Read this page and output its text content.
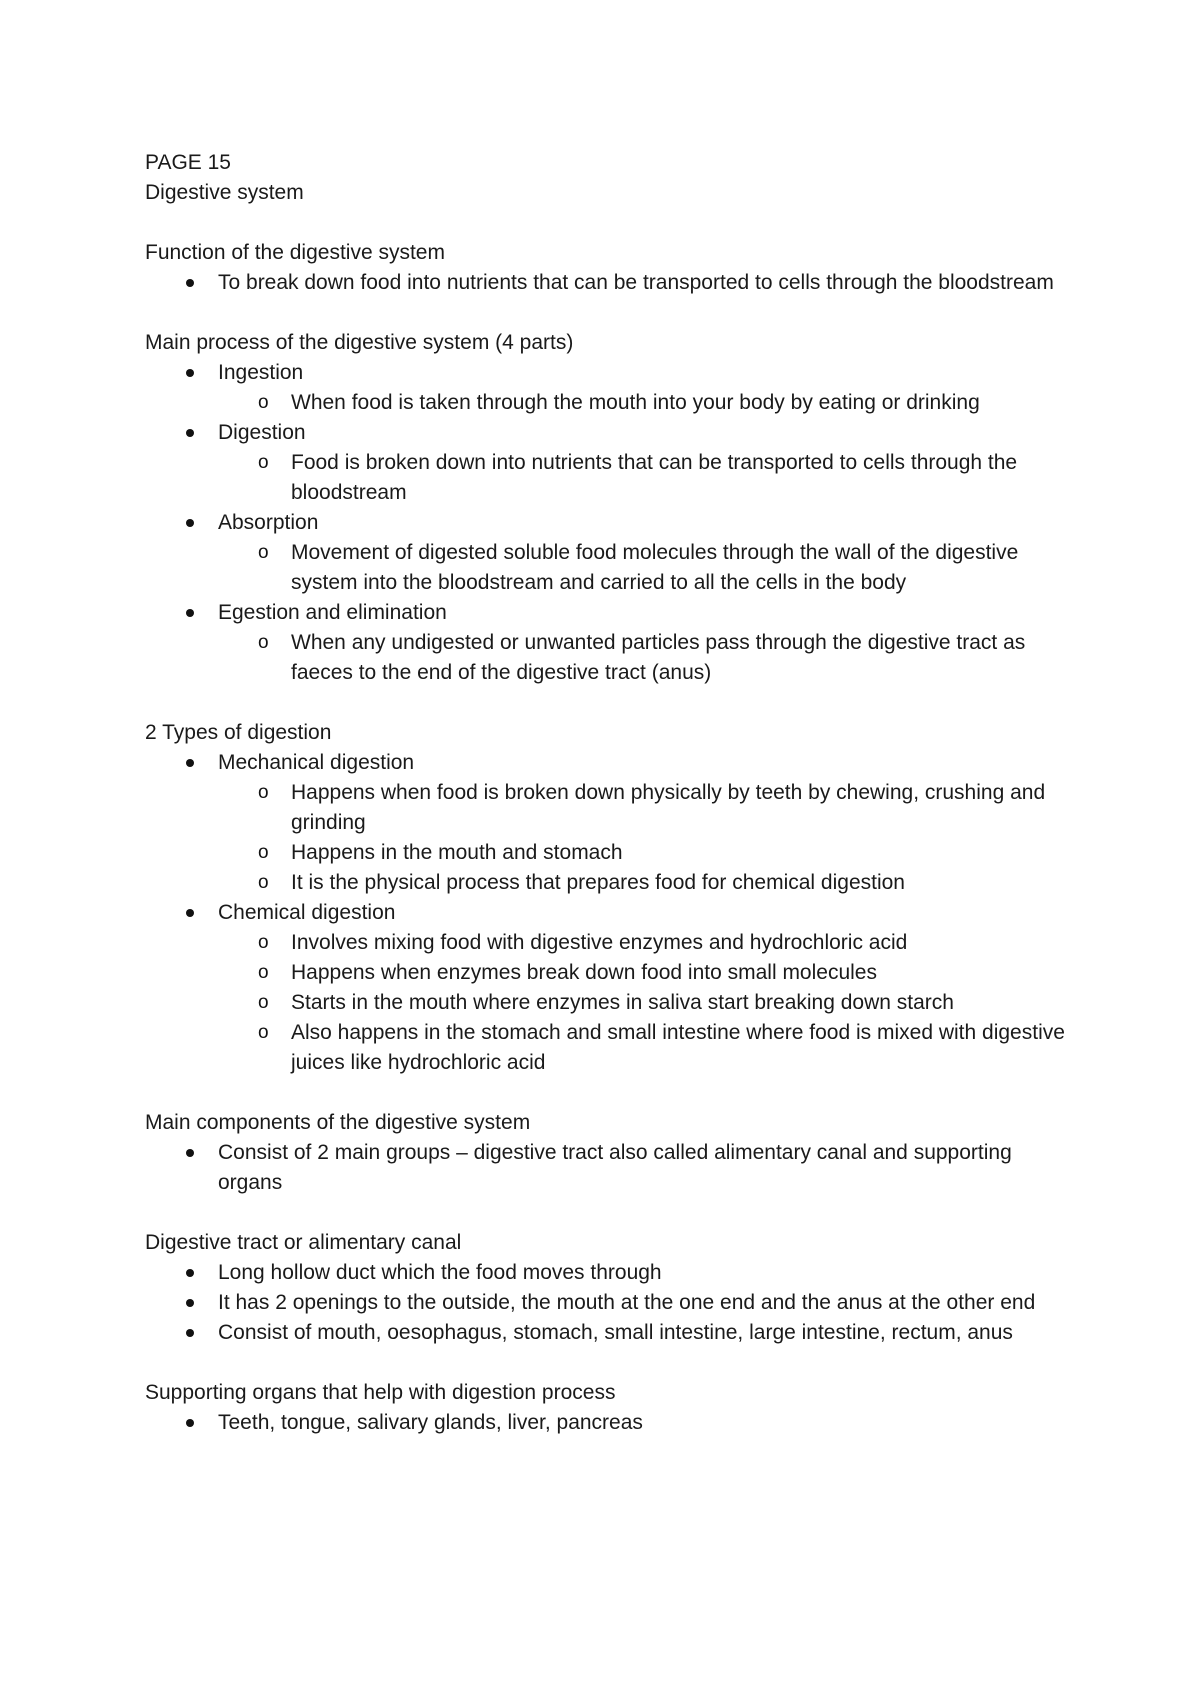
PAGE 15

Digestive system

Function of the digestive system

To break down food into nutrients that can be transported to cells through the bloodstream

Main process of the digestive system (4 parts)

Ingestion
o When food is taken through the mouth into your body by eating or drinking
Digestion
o Food is broken down into nutrients that can be transported to cells through the bloodstream
Absorption
o Movement of digested soluble food molecules through the wall of the digestive system into the bloodstream and carried to all the cells in the body
Egestion and elimination
o When any undigested or unwanted particles pass through the digestive tract as faeces to the end of the digestive tract (anus)

2 Types of digestion

Mechanical digestion
o Happens when food is broken down physically by teeth by chewing, crushing and grinding
o Happens in the mouth and stomach
o It is the physical process that prepares food for chemical digestion
Chemical digestion
o Involves mixing food with digestive enzymes and hydrochloric acid
o Happens when enzymes break down food into small molecules
o Starts in the mouth where enzymes in saliva start breaking down starch
o Also happens in the stomach and small intestine where food is mixed with digestive juices like hydrochloric acid

Main components of the digestive system

Consist of 2 main groups – digestive tract also called alimentary canal and supporting organs

Digestive tract or alimentary canal

Long hollow duct which the food moves through
It has 2 openings to the outside, the mouth at the one end and the anus at the other end
Consist of mouth, oesophagus, stomach, small intestine, large intestine, rectum, anus

Supporting organs that help with digestion process

Teeth, tongue, salivary glands, liver, pancreas
